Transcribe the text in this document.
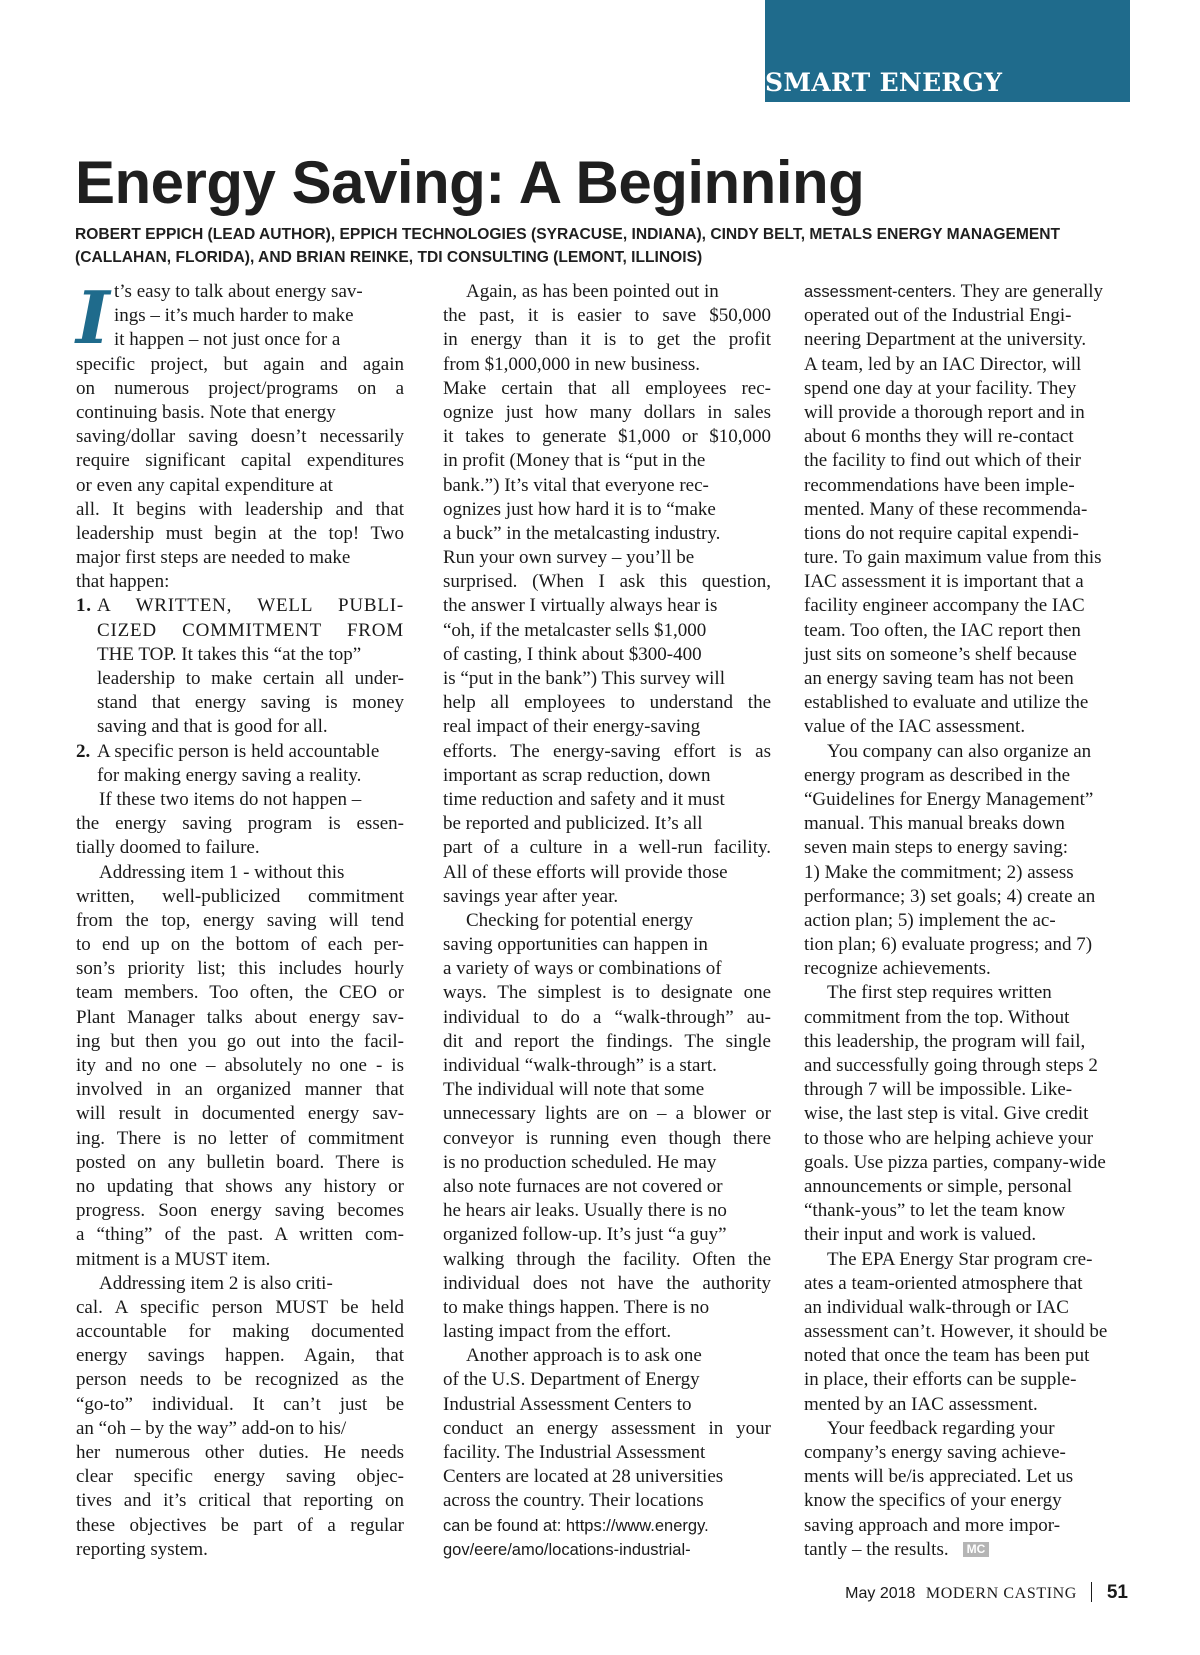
SMART ENERGY
Energy Saving: A Beginning
ROBERT EPPICH (LEAD AUTHOR), EPPICH TECHNOLOGIES (SYRACUSE, INDIANA), CINDY BELT, METALS ENERGY MANAGEMENT
(CALLAHAN, FLORIDA), AND BRIAN REINKE, TDI CONSULTING (LEMONT, ILLINOIS)
I t’s easy to talk about energy sav-
ings – it’s much harder to make
it happen – not just once for a
specific project, but again and again
on numerous project/programs on a
continuing basis. Note that energy
saving/dollar saving doesn’t necessarily
require significant capital expenditures
or even any capital expenditure at
all. It begins with leadership and that
leadership must begin at the top! Two
major first steps are needed to make
that happen:
1. A WRITTEN, WELL PUBLI-
CIZED COMMITMENT FROM
THE TOP. It takes this “at the top”
leadership to make certain all under-
stand that energy saving is money
saving and that is good for all.
2. A specific person is held accountable
for making energy saving a reality.
If these two items do not happen –
the energy saving program is essen-
tially doomed to failure.
Addressing item 1 - without this
written, well-publicized commitment
from the top, energy saving will tend
to end up on the bottom of each per-
son’s priority list; this includes hourly
team members. Too often, the CEO or
Plant Manager talks about energy sav-
ing but then you go out into the facil-
ity and no one – absolutely no one - is
involved in an organized manner that
will result in documented energy sav-
ing. There is no letter of commitment
posted on any bulletin board. There is
no updating that shows any history or
progress. Soon energy saving becomes
a “thing” of the past. A written com-
mitment is a MUST item.
Addressing item 2 is also criti-
cal. A specific person MUST be held
accountable for making documented
energy savings happen. Again, that
person needs to be recognized as the
“go-to” individual. It can’t just be
an “oh – by the way” add-on to his/
her numerous other duties. He needs
clear specific energy saving objec-
tives and it’s critical that reporting on
these objectives be part of a regular
reporting system.
Again, as has been pointed out in
the past, it is easier to save $50,000
in energy than it is to get the profit
from $1,000,000 in new business.
Make certain that all employees rec-
ognize just how many dollars in sales
it takes to generate $1,000 or $10,000
in profit (Money that is “put in the
bank.”) It’s vital that everyone rec-
ognizes just how hard it is to “make
a buck” in the metalcasting industry.
Run your own survey – you’ll be
surprised. (When I ask this question,
the answer I virtually always hear is
“oh, if the metalcaster sells $1,000
of casting, I think about $300-400
is “put in the bank”) This survey will
help all employees to understand the
real impact of their energy-saving
efforts. The energy-saving effort is as
important as scrap reduction, down
time reduction and safety and it must
be reported and publicized. It’s all
part of a culture in a well-run facility.
All of these efforts will provide those
savings year after year.
Checking for potential energy
saving opportunities can happen in
a variety of ways or combinations of
ways. The simplest is to designate one
individual to do a “walk-through” au-
dit and report the findings. The single
individual “walk-through” is a start.
The individual will note that some
unnecessary lights are on – a blower or
conveyor is running even though there
is no production scheduled. He may
also note furnaces are not covered or
he hears air leaks. Usually there is no
organized follow-up. It’s just “a guy”
walking through the facility. Often the
individual does not have the authority
to make things happen. There is no
lasting impact from the effort.
Another approach is to ask one
of the U.S. Department of Energy
Industrial Assessment Centers to
conduct an energy assessment in your
facility. The Industrial Assessment
Centers are located at 28 universities
across the country. Their locations
can be found at: https://www.energy.
gov/eere/amo/locations-industrial-
assessment-centers. They are generally
operated out of the Industrial Engi-
neering Department at the university.
A team, led by an IAC Director, will
spend one day at your facility. They
will provide a thorough report and in
about 6 months they will re-contact
the facility to find out which of their
recommendations have been imple-
mented. Many of these recommenda-
tions do not require capital expendi-
ture. To gain maximum value from this
IAC assessment it is important that a
facility engineer accompany the IAC
team. Too often, the IAC report then
just sits on someone’s shelf because
an energy saving team has not been
established to evaluate and utilize the
value of the IAC assessment.
You company can also organize an
energy program as described in the
“Guidelines for Energy Management”
manual. This manual breaks down
seven main steps to energy saving:
1) Make the commitment; 2) assess
performance; 3) set goals; 4) create an
action plan; 5) implement the ac-
tion plan; 6) evaluate progress; and 7)
recognize achievements.
The first step requires written
commitment from the top. Without
this leadership, the program will fail,
and successfully going through steps 2
through 7 will be impossible. Like-
wise, the last step is vital. Give credit
to those who are helping achieve your
goals. Use pizza parties, company-wide
announcements or simple, personal
“thank-yous” to let the team know
their input and work is valued.
The EPA Energy Star program cre-
ates a team-oriented atmosphere that
an individual walk-through or IAC
assessment can’t. However, it should be
noted that once the team has been put
in place, their efforts can be supple-
mented by an IAC assessment.
Your feedback regarding your
company’s energy saving achieve-
ments will be/is appreciated. Let us
know the specifics of your energy
saving approach and more impor-
tantly – the results. MC
May 2018 MODERN CASTING 51
